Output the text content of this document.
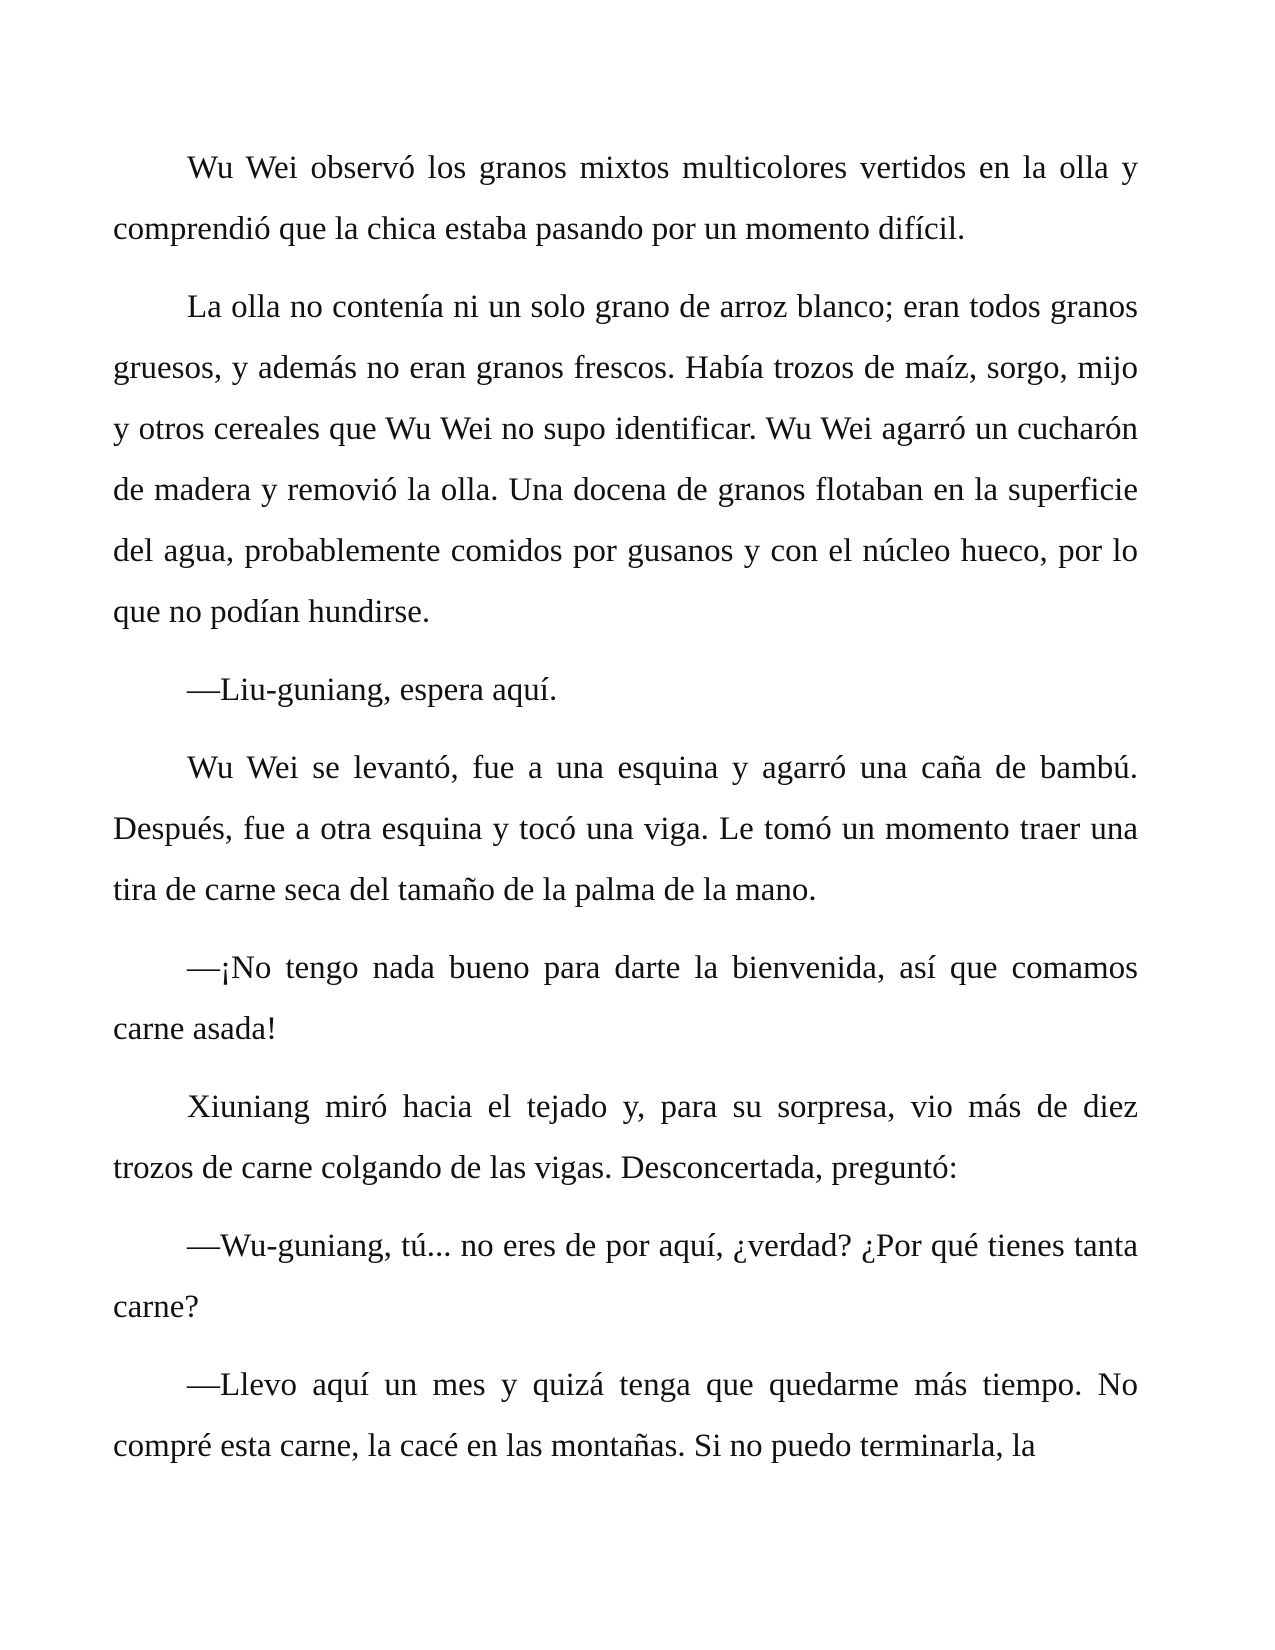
Wu Wei observó los granos mixtos multicolores vertidos en la olla y comprendió que la chica estaba pasando por un momento difícil.

La olla no contenía ni un solo grano de arroz blanco; eran todos granos gruesos, y además no eran granos frescos. Había trozos de maíz, sorgo, mijo y otros cereales que Wu Wei no supo identificar. Wu Wei agarró un cucharón de madera y removió la olla. Una docena de granos flotaban en la superficie del agua, probablemente comidos por gusanos y con el núcleo hueco, por lo que no podían hundirse.

—Liu-guniang, espera aquí.

Wu Wei se levantó, fue a una esquina y agarró una caña de bambú. Después, fue a otra esquina y tocó una viga. Le tomó un momento traer una tira de carne seca del tamaño de la palma de la mano.

—¡No tengo nada bueno para darte la bienvenida, así que comamos carne asada!

Xiuniang miró hacia el tejado y, para su sorpresa, vio más de diez trozos de carne colgando de las vigas. Desconcertada, preguntó:

—Wu-guniang, tú... no eres de por aquí, ¿verdad? ¿Por qué tienes tanta carne?

—Llevo aquí un mes y quizá tenga que quedarme más tiempo. No compré esta carne, la cacé en las montañas. Si no puedo terminarla, la
